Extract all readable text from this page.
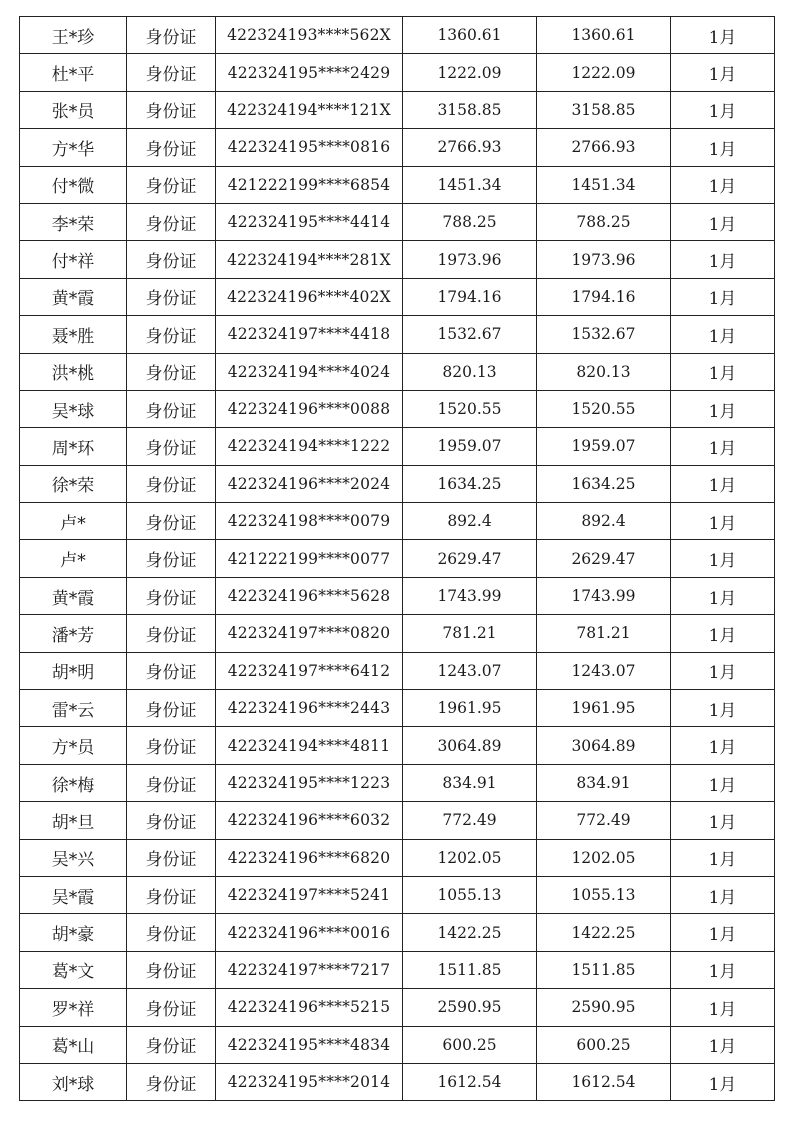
王*珍	身份证	422324193****562X	1360.61	1360.61	1月
杜*平	身份证	422324195****2429	1222.09	1222.09	1月
张*员	身份证	422324194****121X	3158.85	3158.85	1月
方*华	身份证	422324195****0816	2766.93	2766.93	1月
付*微	身份证	421222199****6854	1451.34	1451.34	1月
李*荣	身份证	422324195****4414	788.25	788.25	1月
付*祥	身份证	422324194****281X	1973.96	1973.96	1月
黄*霞	身份证	422324196****402X	1794.16	1794.16	1月
聂*胜	身份证	422324197****4418	1532.67	1532.67	1月
洪*桃	身份证	422324194****4024	820.13	820.13	1月
吴*球	身份证	422324196****0088	1520.55	1520.55	1月
周*环	身份证	422324194****1222	1959.07	1959.07	1月
徐*荣	身份证	422324196****2024	1634.25	1634.25	1月
卢*	身份证	422324198****0079	892.4	892.4	1月
卢*	身份证	421222199****0077	2629.47	2629.47	1月
黄*霞	身份证	422324196****5628	1743.99	1743.99	1月
潘*芳	身份证	422324197****0820	781.21	781.21	1月
胡*明	身份证	422324197****6412	1243.07	1243.07	1月
雷*云	身份证	422324196****2443	1961.95	1961.95	1月
方*员	身份证	422324194****4811	3064.89	3064.89	1月
徐*梅	身份证	422324195****1223	834.91	834.91	1月
胡*旦	身份证	422324196****6032	772.49	772.49	1月
吴*兴	身份证	422324196****6820	1202.05	1202.05	1月
吴*霞	身份证	422324197****5241	1055.13	1055.13	1月
胡*豪	身份证	422324196****0016	1422.25	1422.25	1月
葛*文	身份证	422324197****7217	1511.85	1511.85	1月
罗*祥	身份证	422324196****5215	2590.95	2590.95	1月
葛*山	身份证	422324195****4834	600.25	600.25	1月
刘*球	身份证	422324195****2014	1612.54	1612.54	1月
